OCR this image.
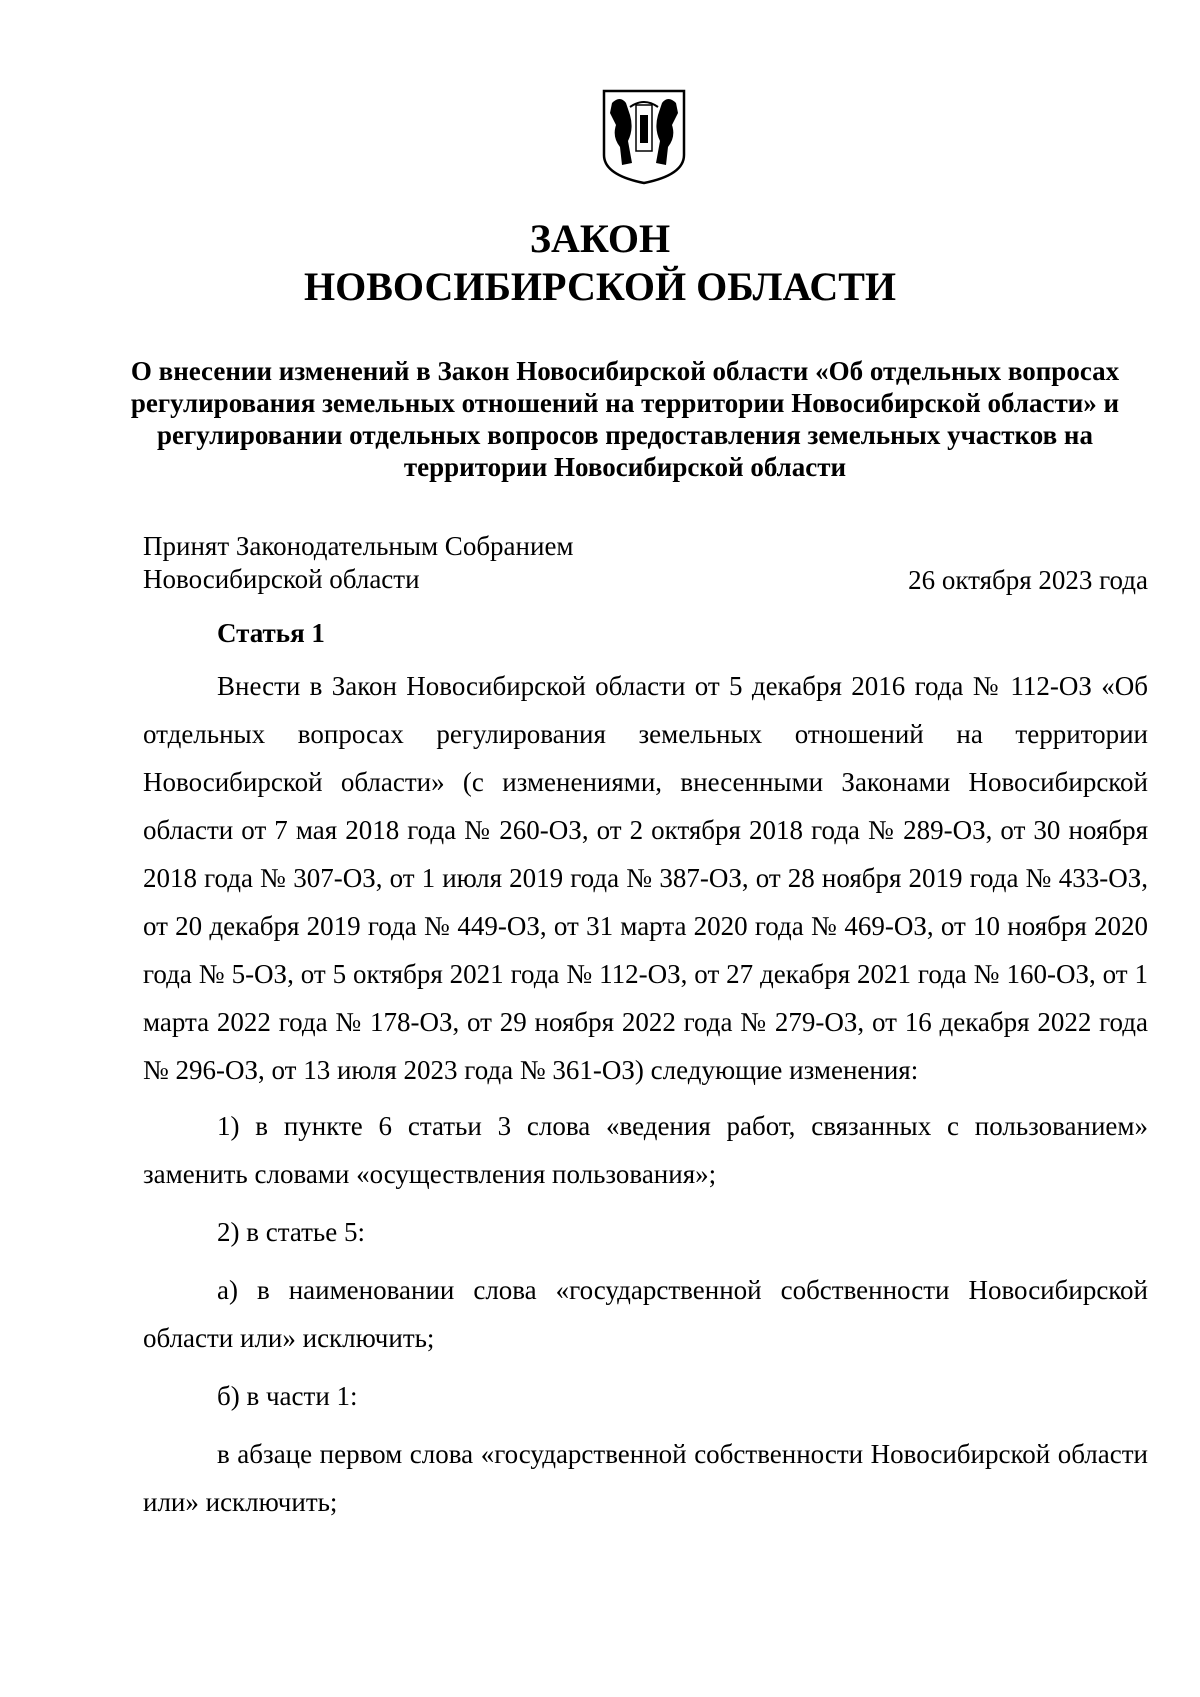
ЗАКОН
НОВОСИБИРСКОЙ ОБЛАСТИ
О внесении изменений в Закон Новосибирской области «Об отдельных вопросах регулирования земельных отношений на территории Новосибирской области» и регулировании отдельных вопросов предоставления земельных участков на территории Новосибирской области
Принят Законодательным Собранием
Новосибирской области	26 октября 2023 года
Статья 1

Внести в Закон Новосибирской области от 5 декабря 2016 года № 112-ОЗ «Об отдельных вопросах регулирования земельных отношений на территории Новосибирской области» (с изменениями, внесенными Законами Новосибирской области от 7 мая 2018 года № 260-ОЗ, от 2 октября 2018 года № 289-ОЗ, от 30 ноября 2018 года № 307-ОЗ, от 1 июля 2019 года № 387-ОЗ, от 28 ноября 2019 года № 433-ОЗ, от 20 декабря 2019 года № 449-ОЗ, от 31 марта 2020 года № 469-ОЗ, от 10 ноября 2020 года № 5-ОЗ, от 5 октября 2021 года № 112-ОЗ, от 27 декабря 2021 года № 160-ОЗ, от 1 марта 2022 года № 178-ОЗ, от 29 ноября 2022 года № 279-ОЗ, от 16 декабря 2022 года № 296-ОЗ, от 13 июля 2023 года № 361-ОЗ) следующие изменения:

1) в пункте 6 статьи 3 слова «ведения работ, связанных с пользованием» заменить словами «осуществления пользования»;

2) в статье 5:

а) в наименовании слова «государственной собственности Новосибирской области или» исключить;

б) в части 1:

в абзаце первом слова «государственной собственности Новосибирской области или» исключить;
